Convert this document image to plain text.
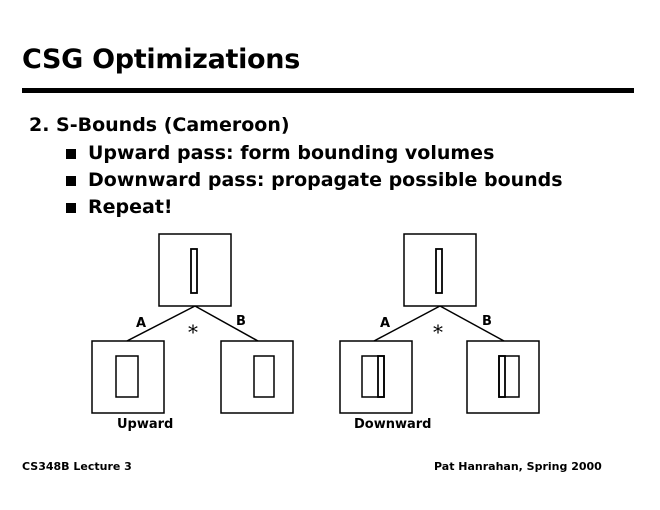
CSG Optimizations
2. S-Bounds (Cameroon)
Upward pass: form bounding volumes
Downward pass: propagate possible bounds
Repeat!
A	B
Upward
A	B
Downward
*	*
CS348B Lecture 3	Pat Hanrahan, Spring 2000
